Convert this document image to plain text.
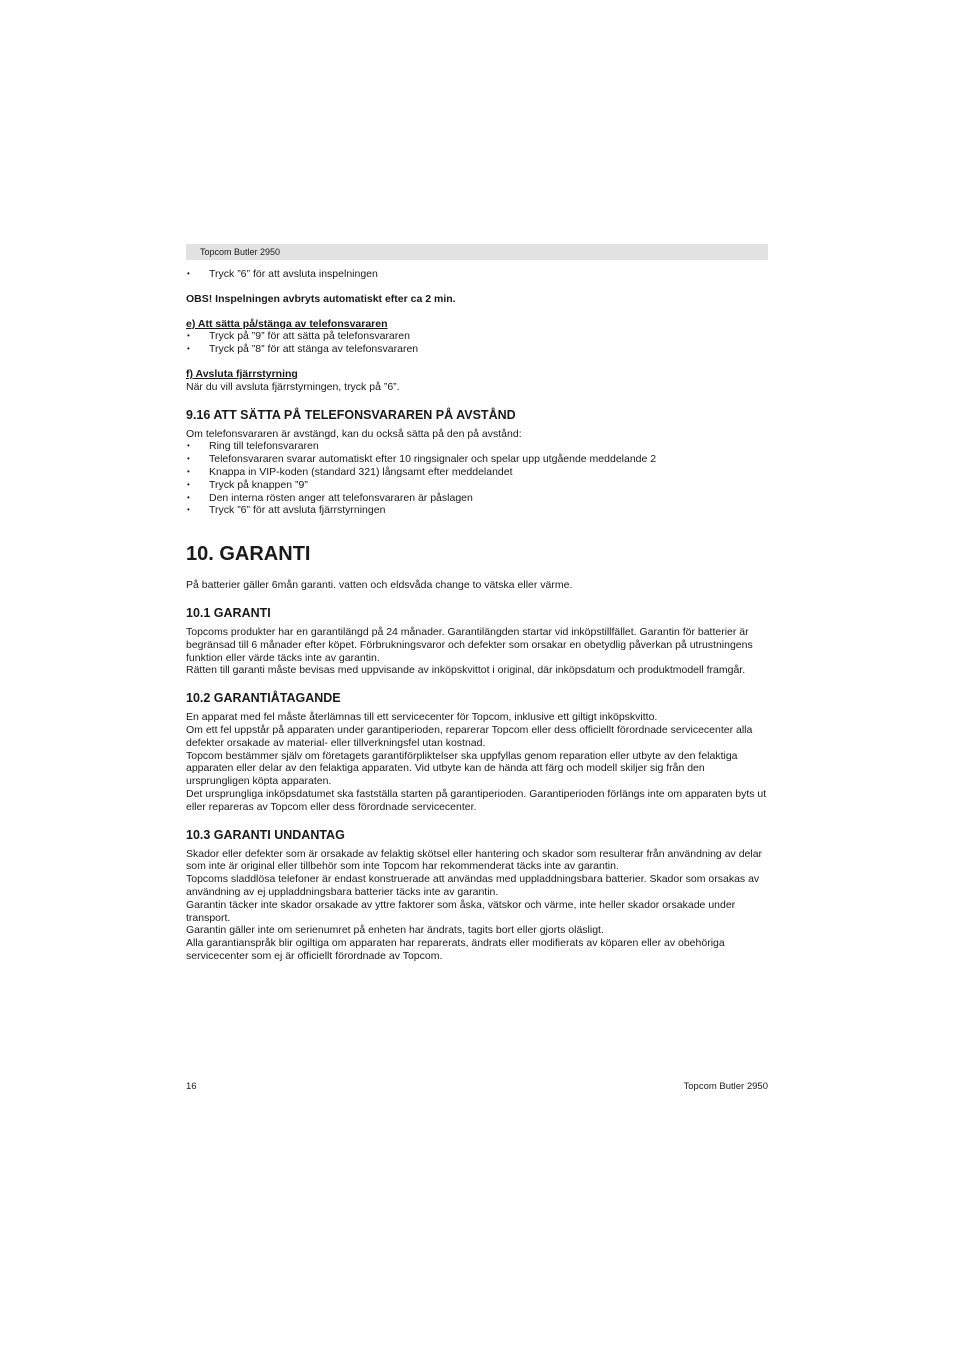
Topcom Butler 2950
• Tryck ”6” för att avsluta inspelningen

OBS! Inspelningen avbryts automatiskt efter ca 2 min.

e) Att sätta på/stänga av telefonsvararen

• Tryck på ”9” för att sätta på telefonsvararen
• Tryck på ”8” för att stänga av telefonsvararen

f) Avsluta fjärrstyrning

När du vill avsluta fjärrstyrningen, tryck på ”6”.

9.16 ATT SÄTTA PÅ TELEFONSVARAREN PÅ AVSTÅND

Om telefonsvararen är avstängd, kan du också sätta på den på avstånd:

• Ring till telefonsvararen
• Telefonsvararen svarar automatiskt efter 10 ringsignaler och spelar upp utgående meddelande 2
• Knappa in VIP-koden (standard 321) långsamt efter meddelandet
• Tryck på knappen ”9”
• Den interna rösten anger att telefonsvararen är påslagen
• Tryck ”6” för att avsluta fjärrstyrningen
10. GARANTI

På batterier gäller 6mån garanti. vatten och eldsvåda change to vätska eller värme.

10.1 GARANTI

Topcoms produkter har en garantilängd på 24 månader. Garantilängden startar vid inköpstillfället. Garantin för batterier är begränsad till 6 månader efter köpet. Förbrukningsvaror och defekter som orsakar en obetydlig påverkan på utrustningens funktion eller värde täcks inte av garantin.

Rätten till garanti måste bevisas med uppvisande av inköpskvittot i original, där inköpsdatum och produktmodell framgår.

10.2 GARANTIÅTAGANDE

En apparat med fel måste återlämnas till ett servicecenter för Topcom, inklusive ett giltigt inköpskvitto.

Om ett fel uppstår på apparaten under garantiperioden, reparerar Topcom eller dess officiellt förordnade servicecenter alla defekter orsakade av material- eller tillverkningsfel utan kostnad.

Topcom bestämmer själv om företagets garantiförpliktelser ska uppfyllas genom reparation eller utbyte av den felaktiga apparaten eller delar av den felaktiga apparaten. Vid utbyte kan de hända att färg och modell skiljer sig från den ursprungligen köpta apparaten.

Det ursprungliga inköpsdatumet ska fastställa starten på garantiperioden. Garantiperioden förlängs inte om apparaten byts ut eller repareras av Topcom eller dess förordnade servicecenter.

10.3 GARANTI UNDANTAG

Skador eller defekter som är orsakade av felaktig skötsel eller hantering och skador som resulterar från användning av delar som inte är original eller tillbehör som inte Topcom har rekommenderat täcks inte av garantin.

Topcoms sladdlösa telefoner är endast konstruerade att användas med uppladdningsbara batterier. Skador som orsakas av användning av ej uppladdningsbara batterier täcks inte av garantin.

Garantin täcker inte skador orsakade av yttre faktorer som åska, vätskor och värme, inte heller skador orsakade under transport.

Garantin gäller inte om serienumret på enheten har ändrats, tagits bort eller gjorts oläsligt.

Alla garantianspråk blir ogiltiga om apparaten har reparerats, ändrats eller modifierats av köparen eller av obehöriga servicecenter som ej är officiellt förordnade av Topcom.

16	Topcom Butler 2950
